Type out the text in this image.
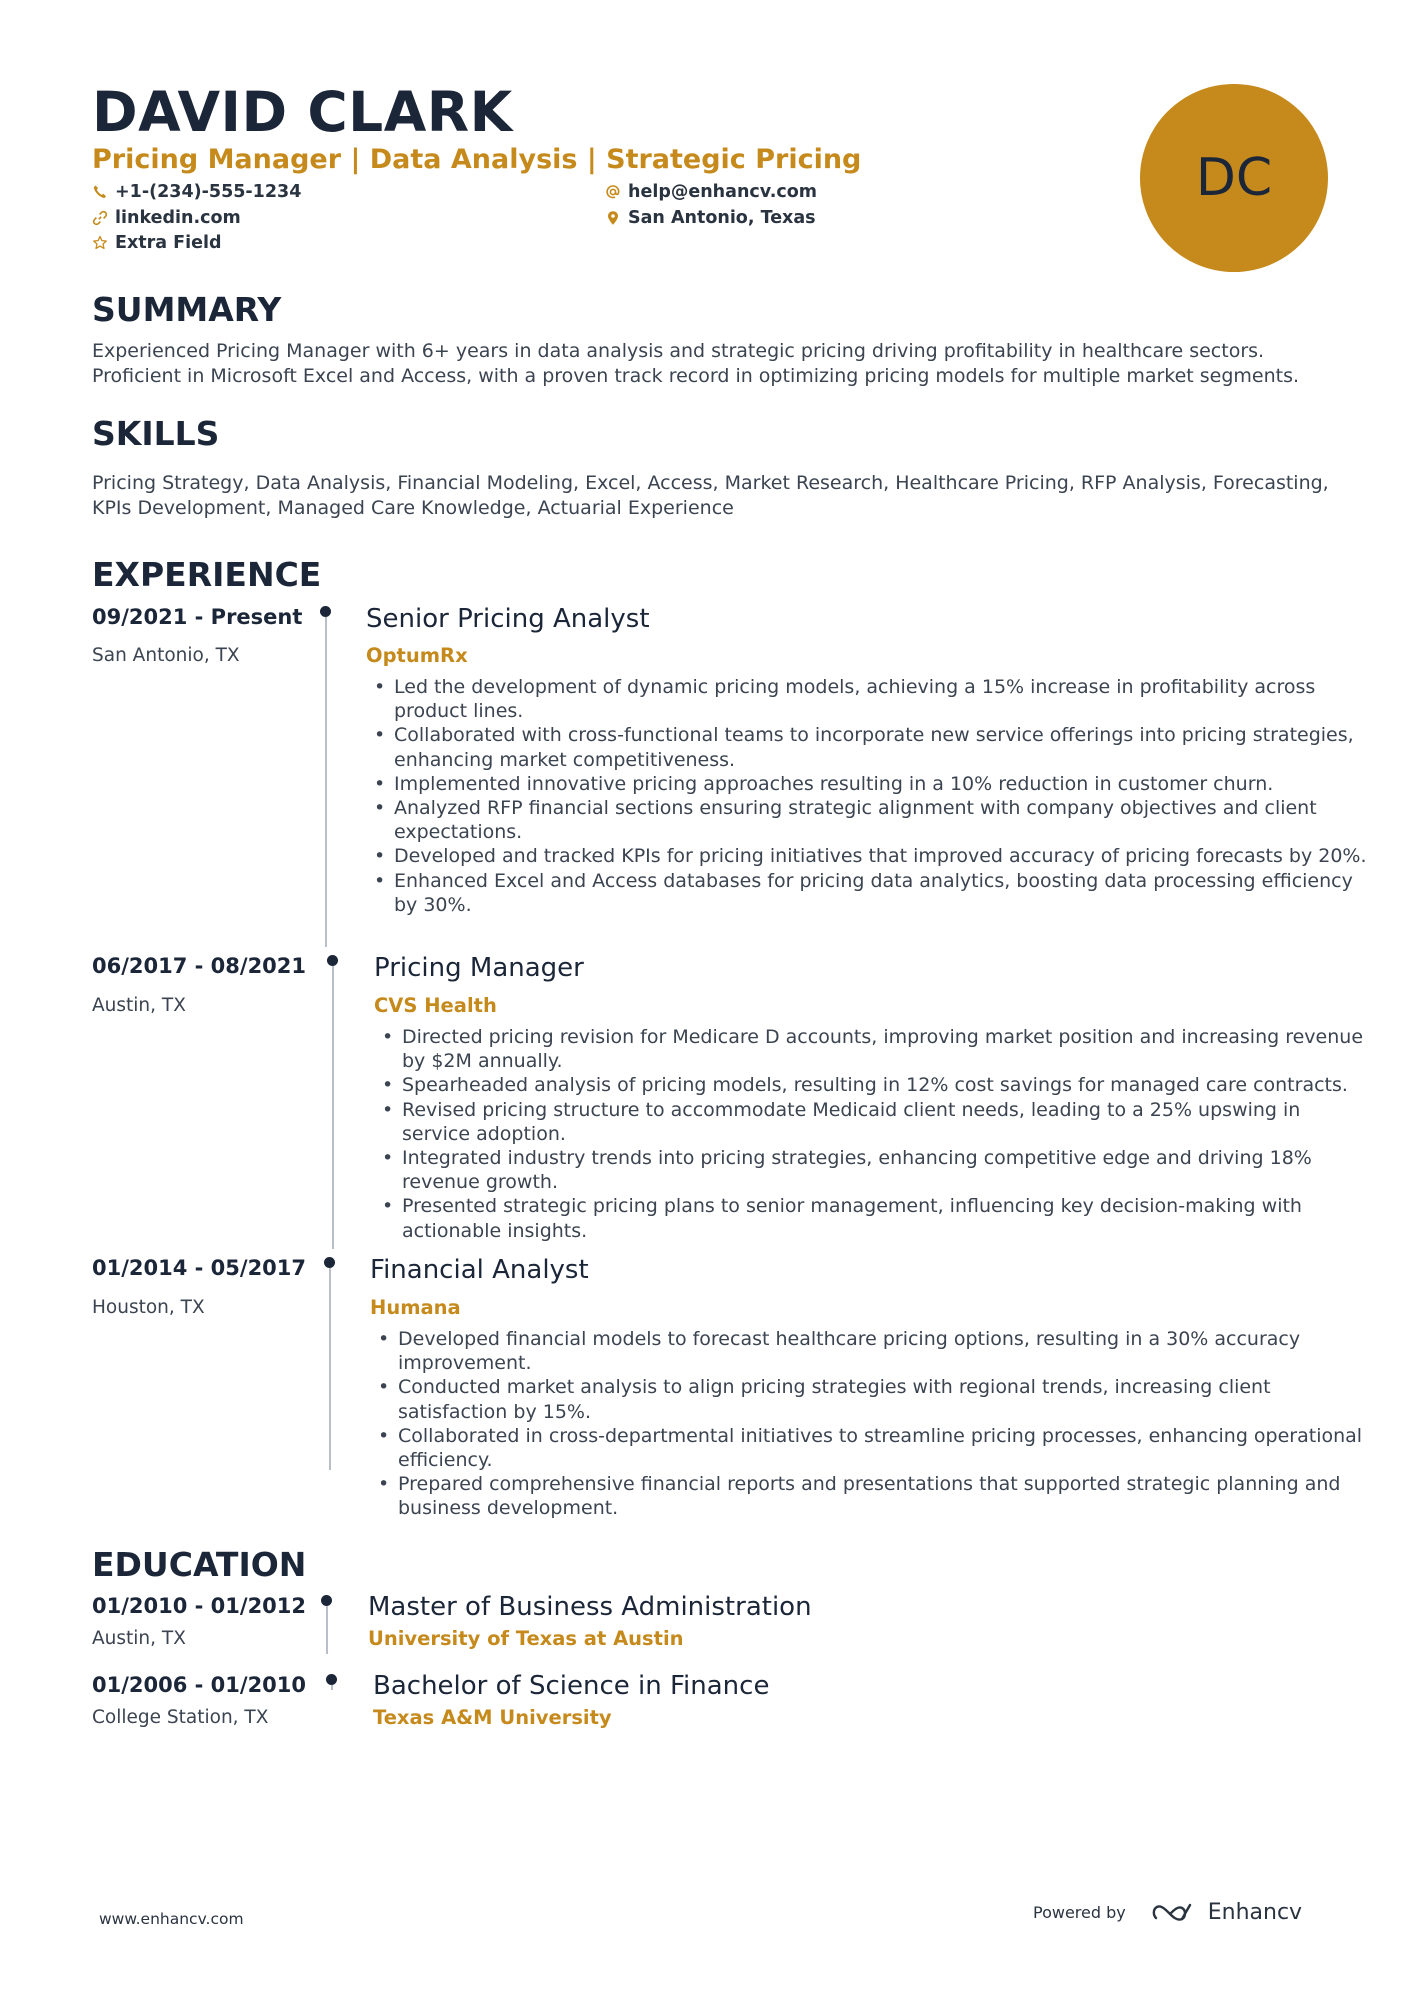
DAVID CLARK
Pricing Manager | Data Analysis | Strategic Pricing
+1-(234)-555-1234	help@enhancv.com
linkedin.com	San Antonio, Texas
Extra Field
DC
SUMMARY
Experienced Pricing Manager with 6+ years in data analysis and strategic pricing driving profitability in healthcare sectors. Proficient in Microsoft Excel and Access, with a proven track record in optimizing pricing models for multiple market segments.
SKILLS
Pricing Strategy, Data Analysis, Financial Modeling, Excel, Access, Market Research, Healthcare Pricing, RFP Analysis, Forecasting, KPIs Development, Managed Care Knowledge, Actuarial Experience
EXPERIENCE
09/2021 - Present
San Antonio, TX
Senior Pricing Analyst
OptumRx
• Led the development of dynamic pricing models, achieving a 15% increase in profitability across product lines.
• Collaborated with cross-functional teams to incorporate new service offerings into pricing strategies, enhancing market competitiveness.
• Implemented innovative pricing approaches resulting in a 10% reduction in customer churn.
• Analyzed RFP financial sections ensuring strategic alignment with company objectives and client expectations.
• Developed and tracked KPIs for pricing initiatives that improved accuracy of pricing forecasts by 20%.
• Enhanced Excel and Access databases for pricing data analytics, boosting data processing efficiency by 30%.
06/2017 - 08/2021
Austin, TX
Pricing Manager
CVS Health
• Directed pricing revision for Medicare D accounts, improving market position and increasing revenue by $2M annually.
• Spearheaded analysis of pricing models, resulting in 12% cost savings for managed care contracts.
• Revised pricing structure to accommodate Medicaid client needs, leading to a 25% upswing in service adoption.
• Integrated industry trends into pricing strategies, enhancing competitive edge and driving 18% revenue growth.
• Presented strategic pricing plans to senior management, influencing key decision-making with actionable insights.
01/2014 - 05/2017
Houston, TX
Financial Analyst
Humana
• Developed financial models to forecast healthcare pricing options, resulting in a 30% accuracy improvement.
• Conducted market analysis to align pricing strategies with regional trends, increasing client satisfaction by 15%.
• Collaborated in cross-departmental initiatives to streamline pricing processes, enhancing operational efficiency.
• Prepared comprehensive financial reports and presentations that supported strategic planning and business development.
EDUCATION
01/2010 - 01/2012
Austin, TX
Master of Business Administration
University of Texas at Austin
01/2006 - 01/2010
College Station, TX
Bachelor of Science in Finance
Texas A&M University
www.enhancv.com	Powered by	Enhancv
